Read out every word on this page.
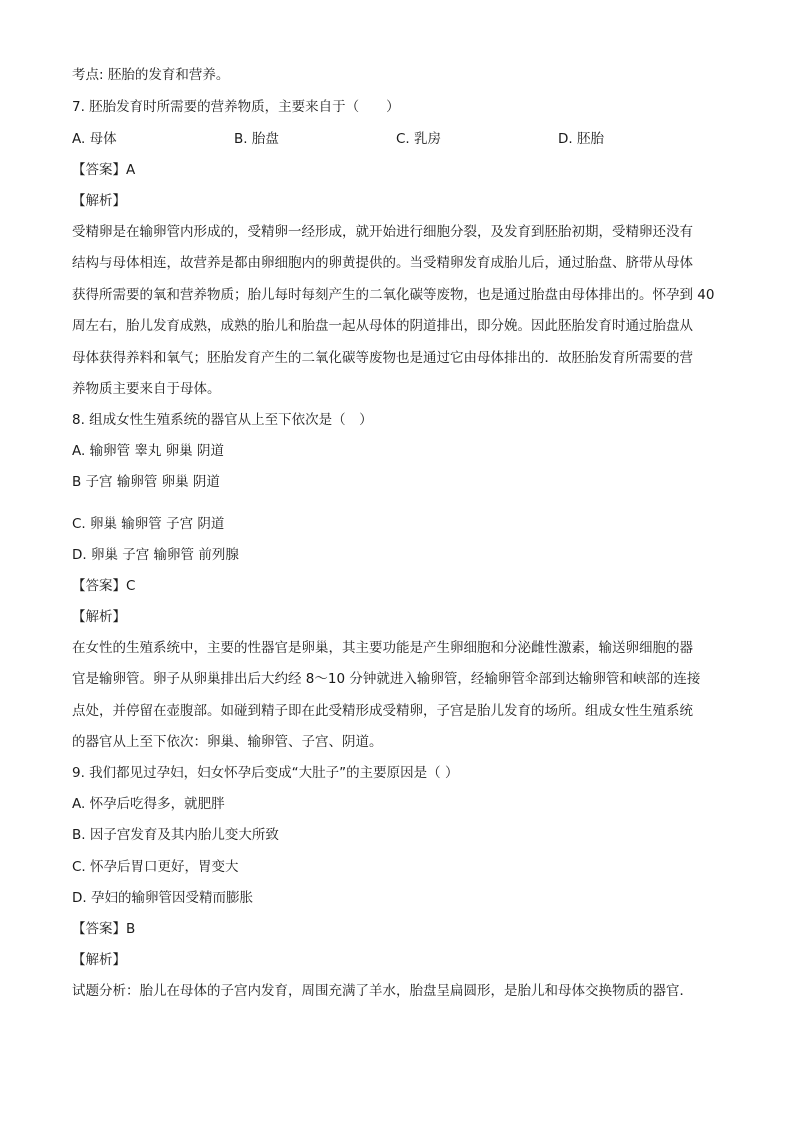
考点: 胚胎的发育和营养。
7. 胚胎发育时所需要的营养物质，主要来自于（　　）
A. 母体	B. 胎盘	C. 乳房	D. 胚胎
【答案】A
【解析】

受精卵是在输卵管内形成的，受精卵一经形成，就开始进行细胞分裂，及发育到胚胎初期，受精卵还没有

结构与母体相连，故营养是都由卵细胞内的卵黄提供的。当受精卵发育成胎儿后，通过胎盘、脐带从母体

获得所需要的氧和营养物质；胎儿每时每刻产生的二氧化碳等废物，也是通过胎盘由母体排出的。怀孕到 40

周左右，胎儿发育成熟，成熟的胎儿和胎盘一起从母体的阴道排出，即分娩。因此胚胎发育时通过胎盘从

母体获得养料和氧气；胚胎发育产生的二氧化碳等废物也是通过它由母体排出的．故胚胎发育所需要的营

养物质主要来自于母体。

8. 组成女性生殖系统的器官从上至下依次是（　）
A. 输卵管 睾丸 卵巢 阴道
B 子宫 输卵管 卵巢 阴道
C. 卵巢 输卵管 子宫 阴道
D. 卵巢 子宫 输卵管 前列腺
【答案】C
【解析】

在女性的生殖系统中，主要的性器官是卵巢，其主要功能是产生卵细胞和分泌雌性激素，输送卵细胞的器

官是输卵管。卵子从卵巢排出后大约经 8～10 分钟就进入输卵管，经输卵管伞部到达输卵管和峡部的连接

点处，并停留在壶腹部。如碰到精子即在此受精形成受精卵，子宫是胎儿发育的场所。组成女性生殖系统

的器官从上至下依次：卵巢、输卵管、子宫、阴道。

9. 我们都见过孕妇，妇女怀孕后变成“大肚子”的主要原因是（ ）
A. 怀孕后吃得多，就肥胖
B. 因子宫发育及其内胎儿变大所致
C. 怀孕后胃口更好，胃变大
D. 孕妇的输卵管因受精而膨胀
【答案】B
【解析】

试题分析：胎儿在母体的子宫内发育，周围充满了羊水，胎盘呈扁圆形，是胎儿和母体交换物质的器官．
